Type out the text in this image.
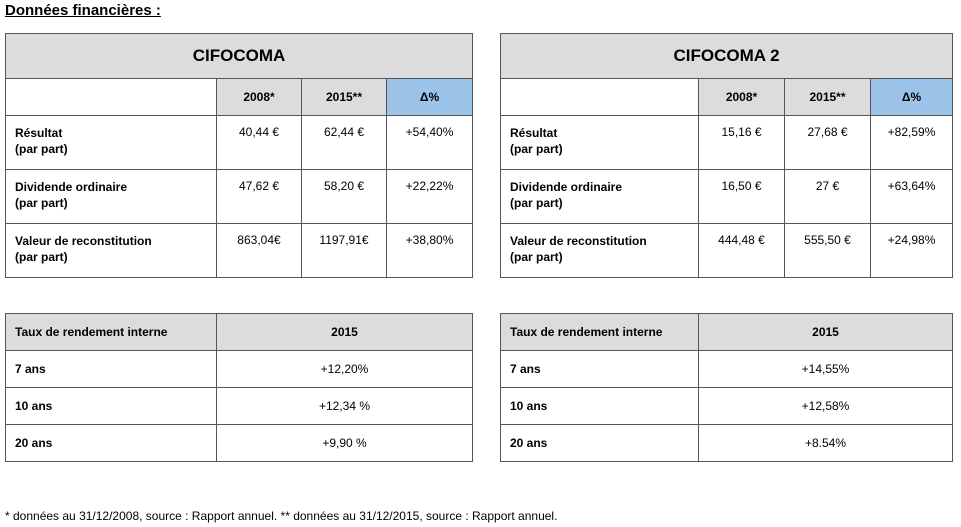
Données financières :
CIFOCOMA			
	2008*	2015**	Δ%

Résultat
(par part)	40,44 €	62,44 €	+54,40%

Dividende ordinaire
(par part)	47,62 €	58,20 €	+22,22%

Valeur de reconstitution
(par part)	863,04€	1197,91€	+38,80%
CIFOCOMA 2			
	2008*	2015**	Δ%

Résultat
(par part)	15,16 €	27,68 €	+82,59%

Dividende ordinaire
(par part)	16,50 €	27 €	+63,64%

Valeur de reconstitution
(par part)	444,48 €	555,50 €	+24,98%
Taux de rendement interne	2015
7 ans	+12,20%
10 ans	+12,34 %
20 ans	+9,90 %
Taux de rendement interne	2015
7 ans	+14,55%
10 ans	+12,58%
20 ans	+8.54%
* données au 31/12/2008, source : Rapport annuel. ** données au 31/12/2015, source : Rapport annuel.
